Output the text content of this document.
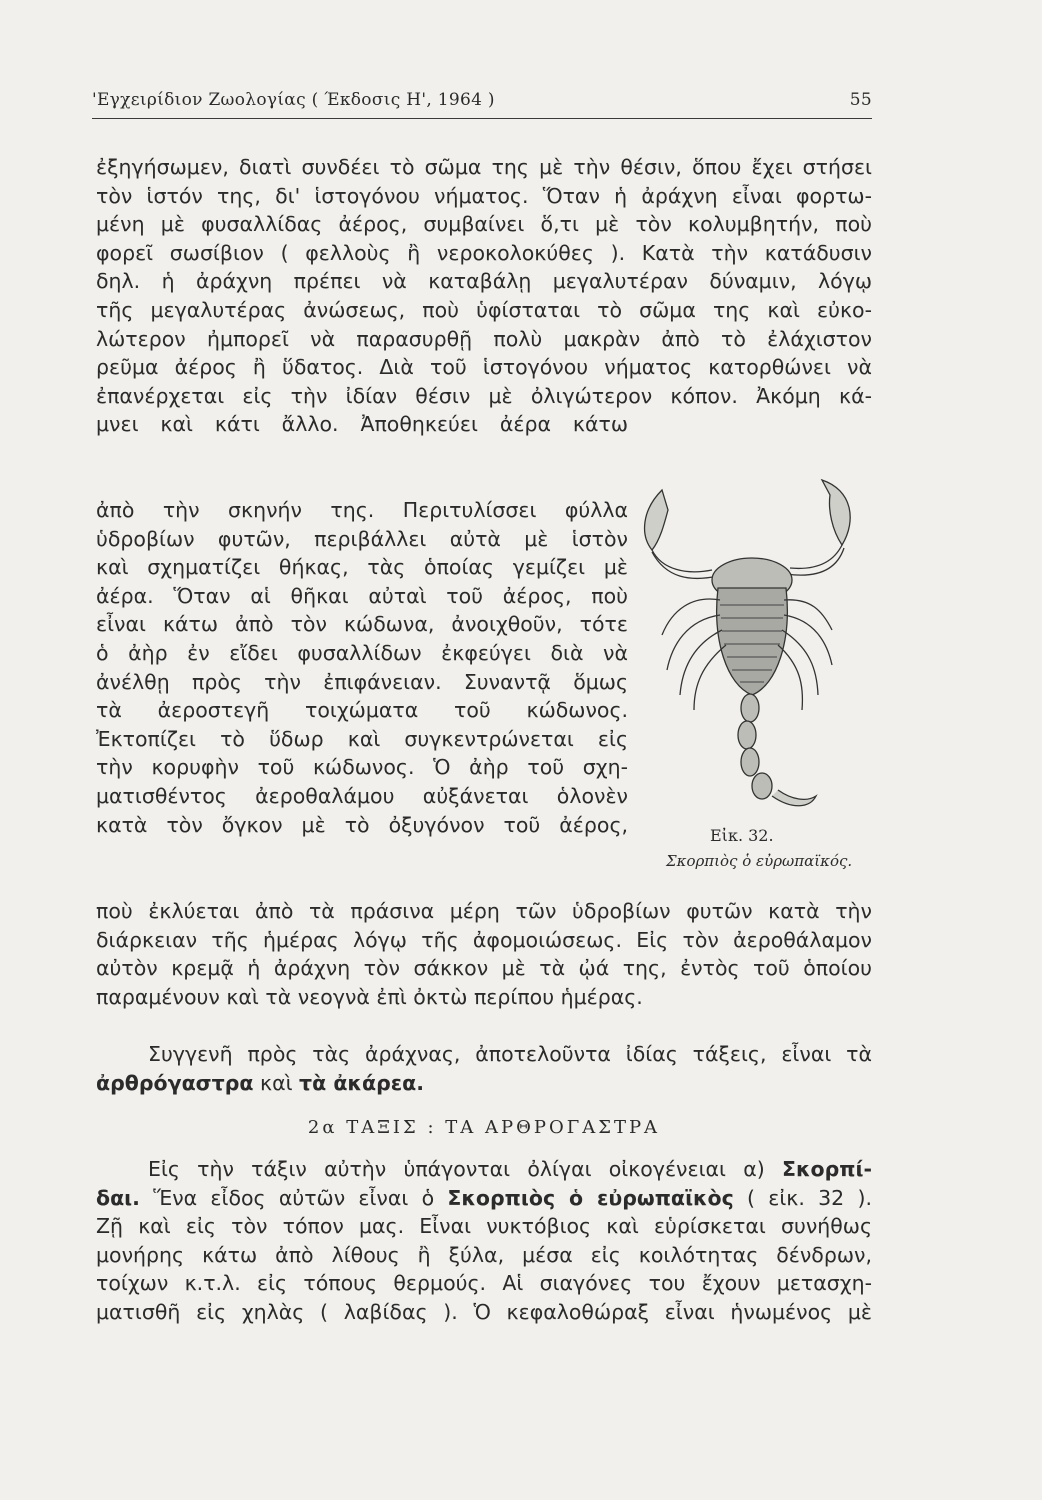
'Εγχειρίδιον Ζωολογίας ( Έκδοσις Η', 1964 )	55
ἐξηγήσωμεν, διατὶ συνδέει τὸ σῶμα της μὲ τὴν θέσιν, ὅπου ἔχει στήσει
τὸν ἱστόν της, δι' ἱστογόνου νήματος. Ὅταν ἡ ἀράχνη εἶναι φορτω-
μένη μὲ φυσαλλίδας ἀέρος, συμβαίνει ὅ,τι μὲ τὸν κολυμβητήν, ποὺ
φορεῖ σωσίβιον ( φελλοὺς ἢ νεροκολοκύθες ). Κατὰ τὴν κατάδυσιν
δηλ. ἡ ἀράχνη πρέπει νὰ καταβάλῃ μεγαλυτέραν δύναμιν, λόγῳ
τῆς μεγαλυτέρας ἀνώσεως, ποὺ ὑφίσταται τὸ σῶμα της καὶ εὐκο-
λώτερον ἠμπορεῖ νὰ παρασυρθῇ πολὺ μακρὰν ἀπὸ τὸ ἐλάχιστον
ρεῦμα ἀέρος ἢ ὕδατος. Διὰ τοῦ ἱστογόνου νήματος κατορθώνει νὰ
ἐπανέρχεται εἰς τὴν ἰδίαν θέσιν μὲ ὀλιγώτερον κόπον. Ἀκόμη κά-
μνει καὶ κάτι ἄλλο. Ἀποθηκεύει ἀέρα κάτω
ἀπὸ τὴν σκηνήν της. Περιτυλίσσει φύλλα
ὑδροβίων φυτῶν, περιβάλλει αὐτὰ μὲ ἱστὸν
καὶ σχηματίζει θήκας, τὰς ὁποίας γεμίζει μὲ
ἀέρα. Ὅταν αἱ θῆκαι αὐταὶ τοῦ ἀέρος, ποὺ
εἶναι κάτω ἀπὸ τὸν κώδωνα, ἀνοιχθοῦν, τότε
ὁ ἀὴρ ἐν εἴδει φυσαλλίδων ἐκφεύγει διὰ νὰ
ἀνέλθῃ πρὸς τὴν ἐπιφάνειαν. Συναντᾷ ὅμως
τὰ ἀεροστεγῆ τοιχώματα τοῦ κώδωνος.
Ἐκτοπίζει τὸ ὕδωρ καὶ συγκεντρώνεται εἰς
τὴν κορυφὴν τοῦ κώδωνος. Ὁ ἀὴρ τοῦ σχη-
ματισθέντος ἀεροθαλάμου αὐξάνεται ὁλονὲν
κατὰ τὸν ὄγκον μὲ τὸ ὀξυγόνον τοῦ ἀέρος,	Εἰκ. 32.
Σκορπιὸς ὁ εὐρωπαϊκός.
ποὺ ἐκλύεται ἀπὸ τὰ πράσινα μέρη τῶν ὑδροβίων φυτῶν κατὰ τὴν
διάρκειαν τῆς ἡμέρας λόγῳ τῆς ἀφομοιώσεως. Εἰς τὸν ἀεροθάλαμον
αὐτὸν κρεμᾷ ἡ ἀράχνη τὸν σάκκον μὲ τὰ ᾠά της, ἐντὸς τοῦ ὁποίου
παραμένουν καὶ τὰ νεογνὰ ἐπὶ ὀκτὼ περίπου ἡμέρας.
Συγγενῆ πρὸς τὰς ἀράχνας, ἀποτελοῦντα ἰδίας τάξεις, εἶναι τὰ
ἀρθρόγαστρα καὶ τὰ ἀκάρεα.
2α ΤΑΞΙΣ : ΤΑ ΑΡΘΡΟΓΑΣΤΡΑ
Εἰς τὴν τάξιν αὐτὴν ὑπάγονται ὀλίγαι οἰκογένειαι α) Σκορπί-
δαι. Ἕνα εἶδος αὐτῶν εἶναι ὁ Σκορπιὸς ὁ εὐρωπαϊκὸς ( εἰκ. 32 ).
Ζῇ καὶ εἰς τὸν τόπον μας. Εἶναι νυκτόβιος καὶ εὑρίσκεται συνήθως
μονήρης κάτω ἀπὸ λίθους ἢ ξύλα, μέσα εἰς κοιλότητας δένδρων,
τοίχων κ.τ.λ. εἰς τόπους θερμούς. Αἱ σιαγόνες του ἔχουν μετασχη-
ματισθῆ εἰς χηλὰς ( λαβίδας ). Ὁ κεφαλοθώραξ εἶναι ἡνωμένος μὲ
